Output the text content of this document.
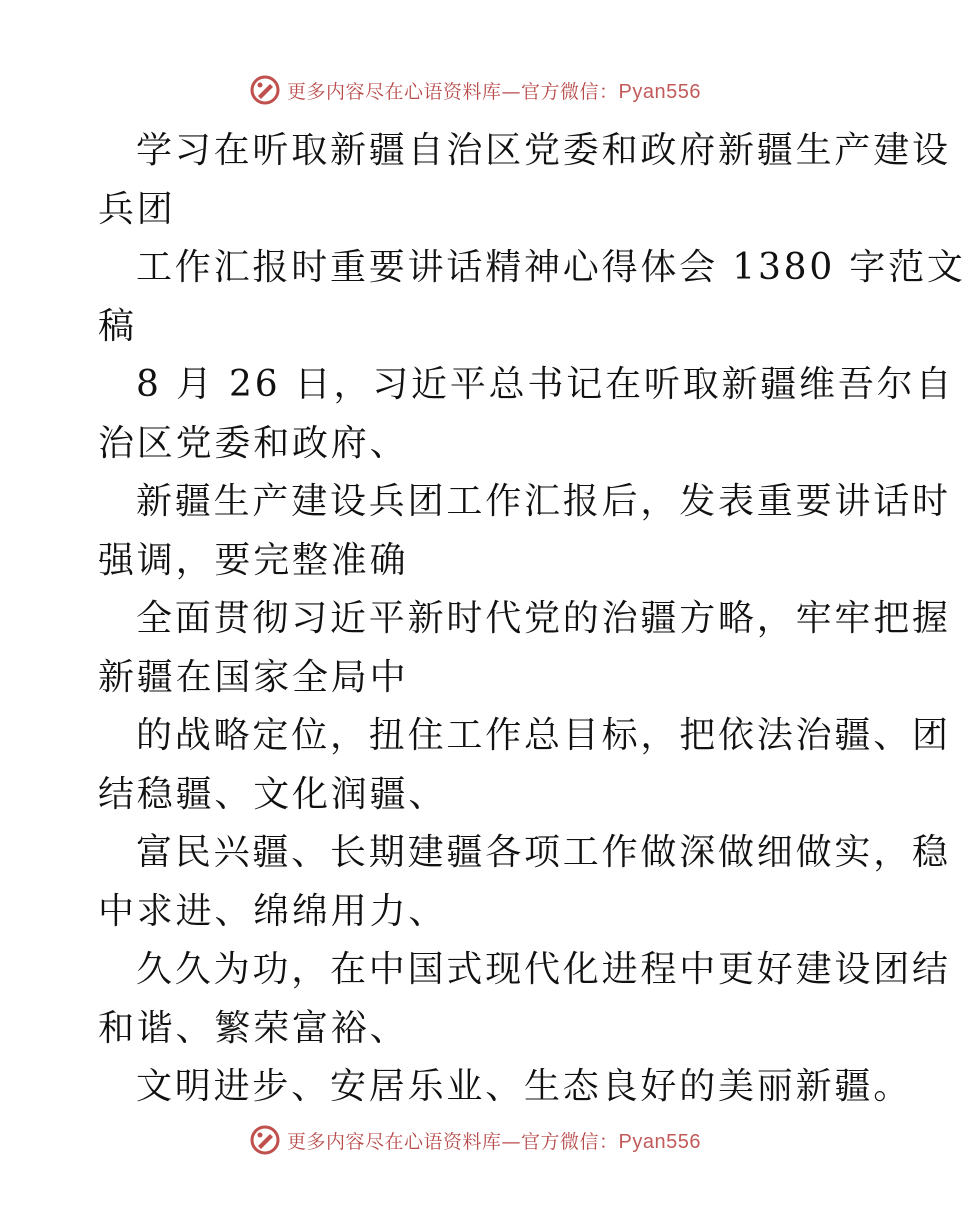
更多内容尽在心语资料库—官方微信：Pyan556
学习在听取新疆自治区党委和政府新疆生产建设
兵团
工作汇报时重要讲话精神心得体会 1380 字范文
稿
8 月 26 日，习近平总书记在听取新疆维吾尔自
治区党委和政府、
新疆生产建设兵团工作汇报后，发表重要讲话时
强调，要完整准确
全面贯彻习近平新时代党的治疆方略，牢牢把握
新疆在国家全局中
的战略定位，扭住工作总目标，把依法治疆、团
结稳疆、文化润疆、
富民兴疆、长期建疆各项工作做深做细做实，稳
中求进、绵绵用力、
久久为功，在中国式现代化进程中更好建设团结
和谐、繁荣富裕、
文明进步、安居乐业、生态良好的美丽新疆。
更多内容尽在心语资料库—官方微信：Pyan556
